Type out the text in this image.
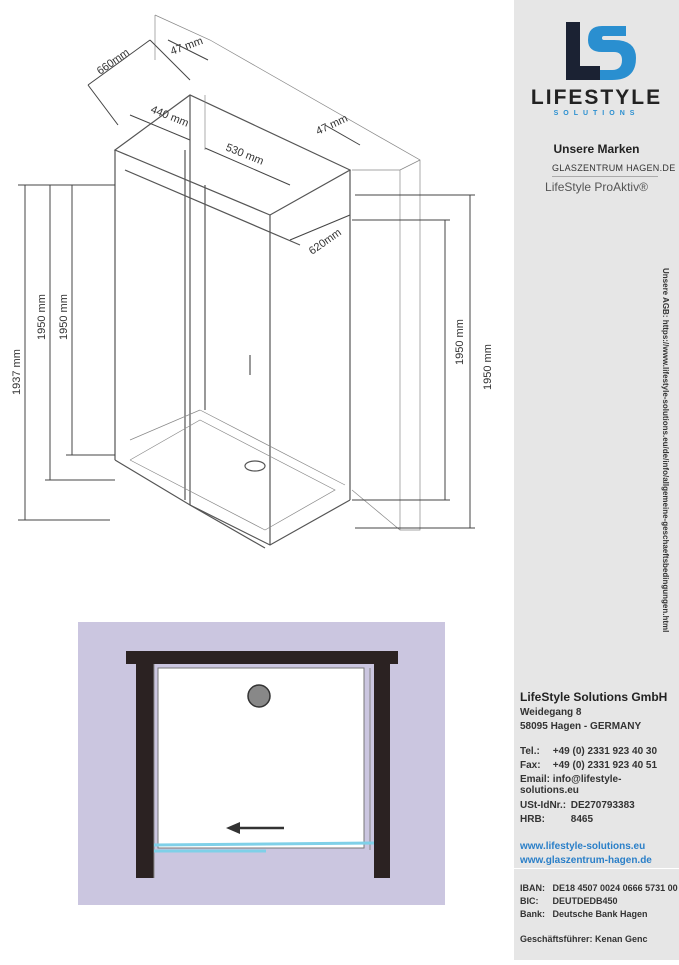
660mm
47 mm
440 mm
530 mm
47 mm
620mm
1937 mm
1950 mm 1950 mm
1950 mm
1950 mm
LIFESTYLE
SOLUTIONS
Unsere Marken
GLASZENTRUM HAGEN.DE
LifeStyle ProAktiv®
LifeStyle Solutions GmbH
Weidegang 8
58095 Hagen - GERMANY
Tel.: +49 (0) 2331 923 40 30
Fax: +49 (0) 2331 923 40 51
Email: info@lifestyle-solutions.eu
USt-IdNr.: DE270793383
HRB:	8465
www.lifestyle-solutions.eu
www.glaszentrum-hagen.de
IBAN: DE18 4507 0024 0666 5731 00
BIC: DEUTDEDB450
Bank: Deutsche Bank Hagen
Geschäftsführer: Kenan Genc
Unsere AGB: https://www.lifestyle-solutions.eu/de/info/allgemeine-geschaeftsbedingungen.html
